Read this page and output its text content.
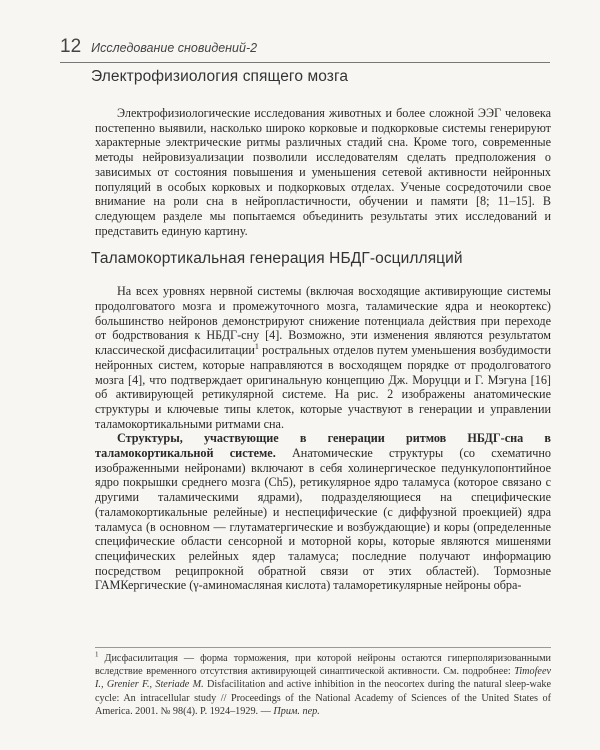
12 Исследование сновидений-2
Электрофизиология спящего мозга

Электрофизиологические исследования животных и более сложной ЭЭГ человека постепенно выявили, насколько широко корковые и подкорковые системы генерируют характерные электрические ритмы различных стадий сна. Кроме того, современные методы нейровизуализации позволили исследователям сделать предположения о зависимых от состояния повышения и уменьшения сетевой активности нейронных популяций в особых корковых и подкорковых отделах. Ученые сосредоточили свое внимание на роли сна в нейропластичности, обучении и памяти [8; 11–15]. В следующем разделе мы попытаемся объединить результаты этих исследований и представить единую картину.

Таламокортикальная генерация НБДГ-осцилляций

На всех уровнях нервной системы (включая восходящие активирующие системы продолговатого мозга и промежуточного мозга, таламические ядра и неокортекс) большинство нейронов демонстрируют снижение потенциала действия при переходе от бодрствования к НБДГ-сну [4]. Возможно, эти изменения являются результатом классической дисфасилитации$^1$ ростральных отделов путем уменьшения возбудимости нейронных систем, которые направляются в восходящем порядке от продолговатого мозга [4], что подтверждает оригинальную концепцию Дж. Моруцци и Г. Мэгуна [16] об активирующей ретикулярной системе. На рис. 2 изображены анатомические структуры и ключевые типы клеток, которые участвуют в генерации и управлении таламокортикальными ритмами сна.

Структуры, участвующие в генерации ритмов НБДГ-сна в таламокортикальной системе. Анатомические структуры (со схематично изображенными нейронами) включают в себя холинергическое педункулопонтийное ядро покрышки среднего мозга (Ch5), ретикулярное ядро таламуса (которое связано с другими таламическими ядрами), подразделяющиеся на специфические (таламокортикальные релейные) и неспецифические (с диффузной проекцией) ядра таламуса (в основном — глутаматергические и возбуждающие) и коры (определенные специфические области сенсорной и моторной коры, которые являются мишенями специфических релейных ядер таламуса; последние получают информацию посредством реципрокной обратной связи от этих областей). Тормозные ГАМКергические (γ-аминомасляная кислота) таламоретикулярные нейроны обра-

$^1$ Дисфасилитация — форма торможения, при которой нейроны остаются гиперполяризованными вследствие временного отсутствия активирующей синаптической активности. См. подробнее: Timofeev I., Grenier F., Steriade M. Disfacilitation and active inhibition in the neocortex during the natural sleep-wake cycle: An intracellular study // Proceedings of the National Academy of Sciences of the United States of America. 2001. № 98(4). P. 1924–1929. — Прим. пер.
